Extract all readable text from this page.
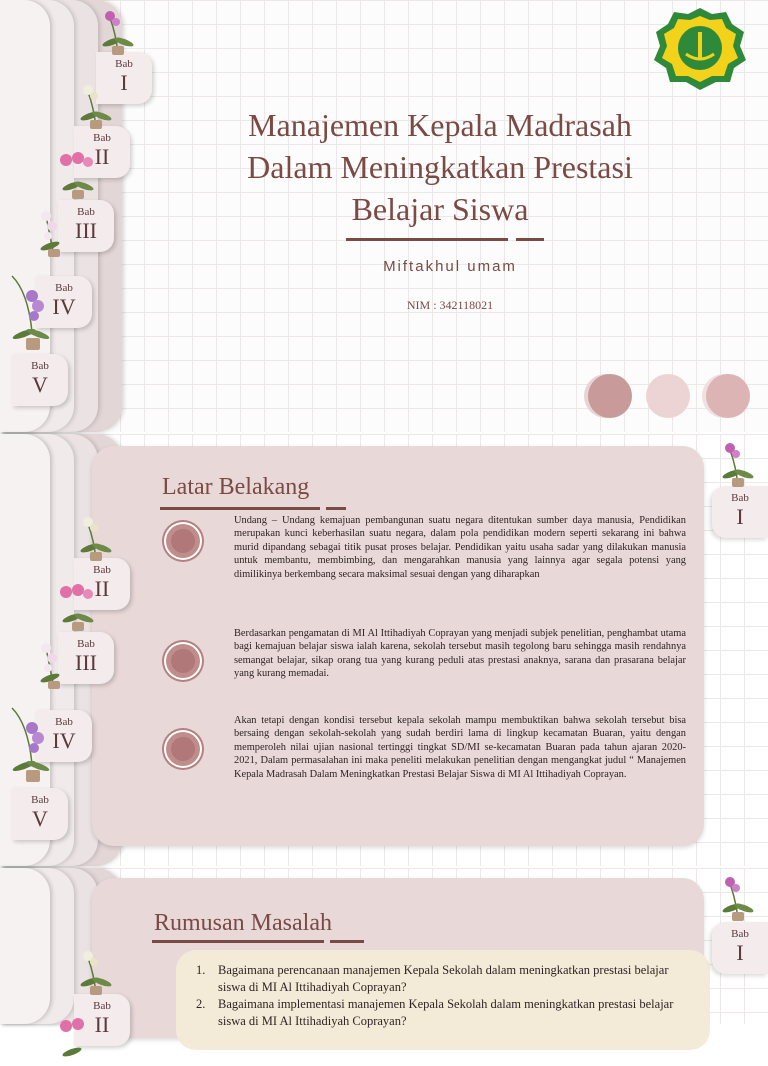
Bab
I
Bab
II
Bab
III
Bab
IV
Bab
V
Manajemen Kepala Madrasah
Dalam Meningkatkan Prestasi
Belajar Siswa
Miftakhul umam
NIM : 342118021
Bab
I
Bab
II
Bab
III
Bab
IV
Bab
V
Latar Belakang
Undang – Undang kemajuan pembangunan suatu negara ditentukan sumber daya manusia, Pendidikan merupakan kunci keberhasilan suatu negara, dalam pola pendidikan modern seperti sekarang ini bahwa murid dipandang sebagai titik pusat proses belajar. Pendidikan yaitu usaha sadar yang dilakukan manusia untuk membantu, membimbing, dan mengarahkan manusia yang lainnya agar segala potensi yang dimilikinya berkembang secara maksimal sesuai dengan yang diharapkan
Berdasarkan pengamatan di MI Al Ittihadiyah Coprayan yang menjadi subjek penelitian, penghambat utama bagi kemajuan belajar siswa ialah karena, sekolah tersebut masih tegolong baru sehingga masih rendahnya semangat belajar, sikap orang tua yang kurang peduli atas prestasi anaknya, sarana dan prasarana belajar yang kurang memadai.
Akan tetapi dengan kondisi tersebut kepala sekolah mampu membuktikan bahwa sekolah tersebut bisa bersaing dengan sekolah-sekolah yang sudah berdiri lama di lingkup kecamatan Buaran, yaitu dengan memperoleh nilai ujian nasional tertinggi tingkat SD/MI se-kecamatan Buaran pada tahun ajaran 2020-2021, Dalam permasalahan ini maka peneliti melakukan penelitian dengan mengangkat judul “ Manajemen Kepala Madrasah Dalam Meningkatkan Prestasi Belajar Siswa di MI Al Ittihadiyah Coprayan.
Bab
I
Bab
II
Rumusan Masalah
1.	Bagaimana perencanaan manajemen Kepala Sekolah dalam meningkatkan prestasi belajar siswa di MI Al Ittihadiyah Coprayan?
2.	Bagaimana implementasi manajemen Kepala Sekolah dalam meningkatkan prestasi belajar siswa di MI Al Ittihadiyah Coprayan?
